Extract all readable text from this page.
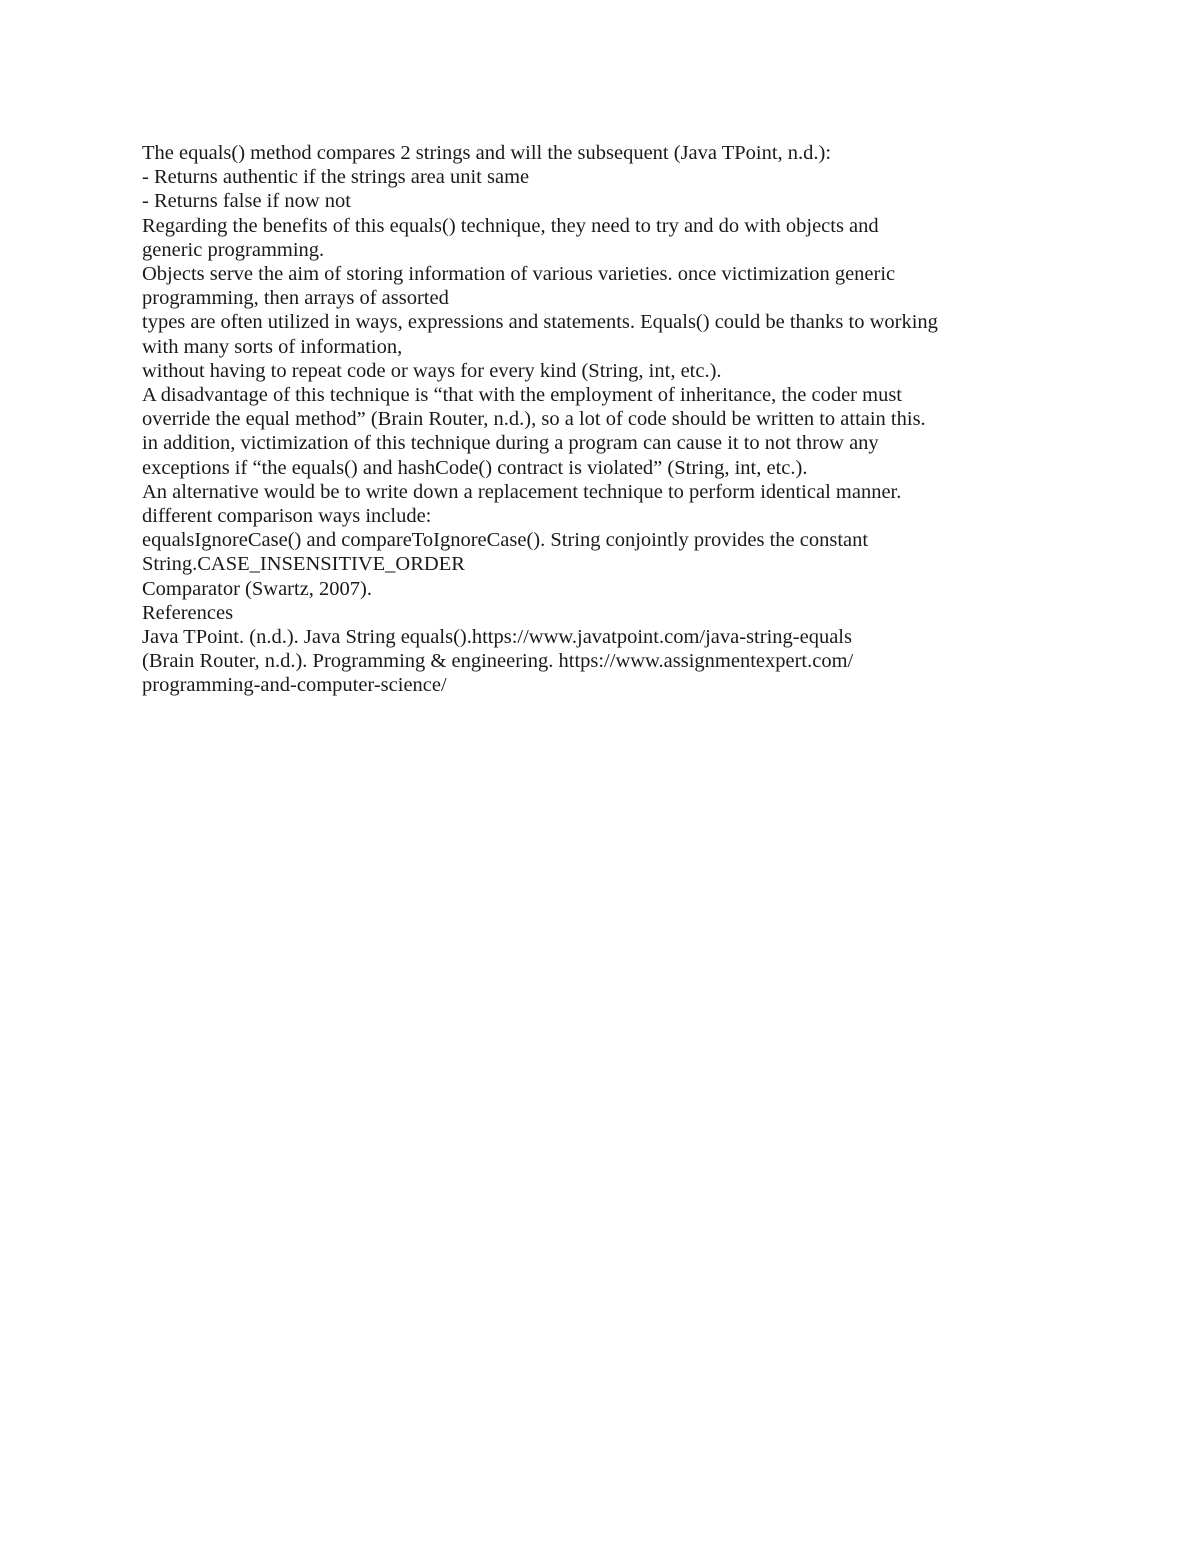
The equals() method compares 2 strings and will the subsequent (Java TPoint, n.d.):
- Returns authentic if the strings area unit same
- Returns false if now not
Regarding the benefits of this equals() technique, they need to try and do with objects and
generic programming.
Objects serve the aim of storing information of various varieties. once victimization generic
programming, then arrays of assorted
types are often utilized in ways, expressions and statements. Equals() could be thanks to working
with many sorts of information,
without having to repeat code or ways for every kind (String, int, etc.).
A disadvantage of this technique is “that with the employment of inheritance, the coder must
override the equal method” (Brain Router, n.d.), so a lot of code should be written to attain this.
in addition, victimization of this technique during a program can cause it to not throw any
exceptions if “the equals() and hashCode() contract is violated” (String, int, etc.).
An alternative would be to write down a replacement technique to perform identical manner.
different comparison ways include:
equalsIgnoreCase() and compareToIgnoreCase(). String conjointly provides the constant
String.CASE_INSENSITIVE_ORDER
Comparator (Swartz, 2007).
References
Java TPoint. (n.d.). Java String equals().https://www.javatpoint.com/java-string-equals
(Brain Router, n.d.). Programming & engineering. https://www.assignmentexpert.com/
programming-and-computer-science/
